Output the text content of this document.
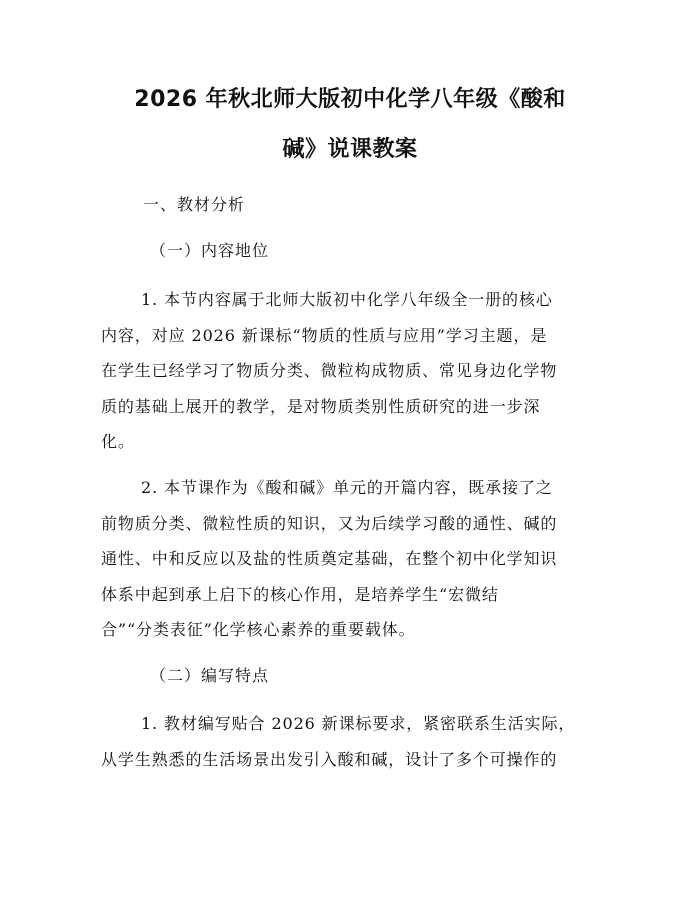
2026 年秋北师大版初中化学八年级《酸和
碱》说课教案

一、教材分析

（一）内容地位

1. 本节内容属于北师大版初中化学八年级全一册的核心
内容，对应 2026 新课标“物质的性质与应用”学习主题，是
在学生已经学习了物质分类、微粒构成物质、常见身边化学物
质的基础上展开的教学，是对物质类别性质研究的进一步深
化。
2. 本节课作为《酸和碱》单元的开篇内容，既承接了之
前物质分类、微粒性质的知识，又为后续学习酸的通性、碱的
通性、中和反应以及盐的性质奠定基础，在整个初中化学知识
体系中起到承上启下的核心作用，是培养学生“宏微结
合”“分类表征”化学核心素养的重要载体。

（二）编写特点

1. 教材编写贴合 2026 新课标要求，紧密联系生活实际，
从学生熟悉的生活场景出发引入酸和碱，设计了多个可操作的
